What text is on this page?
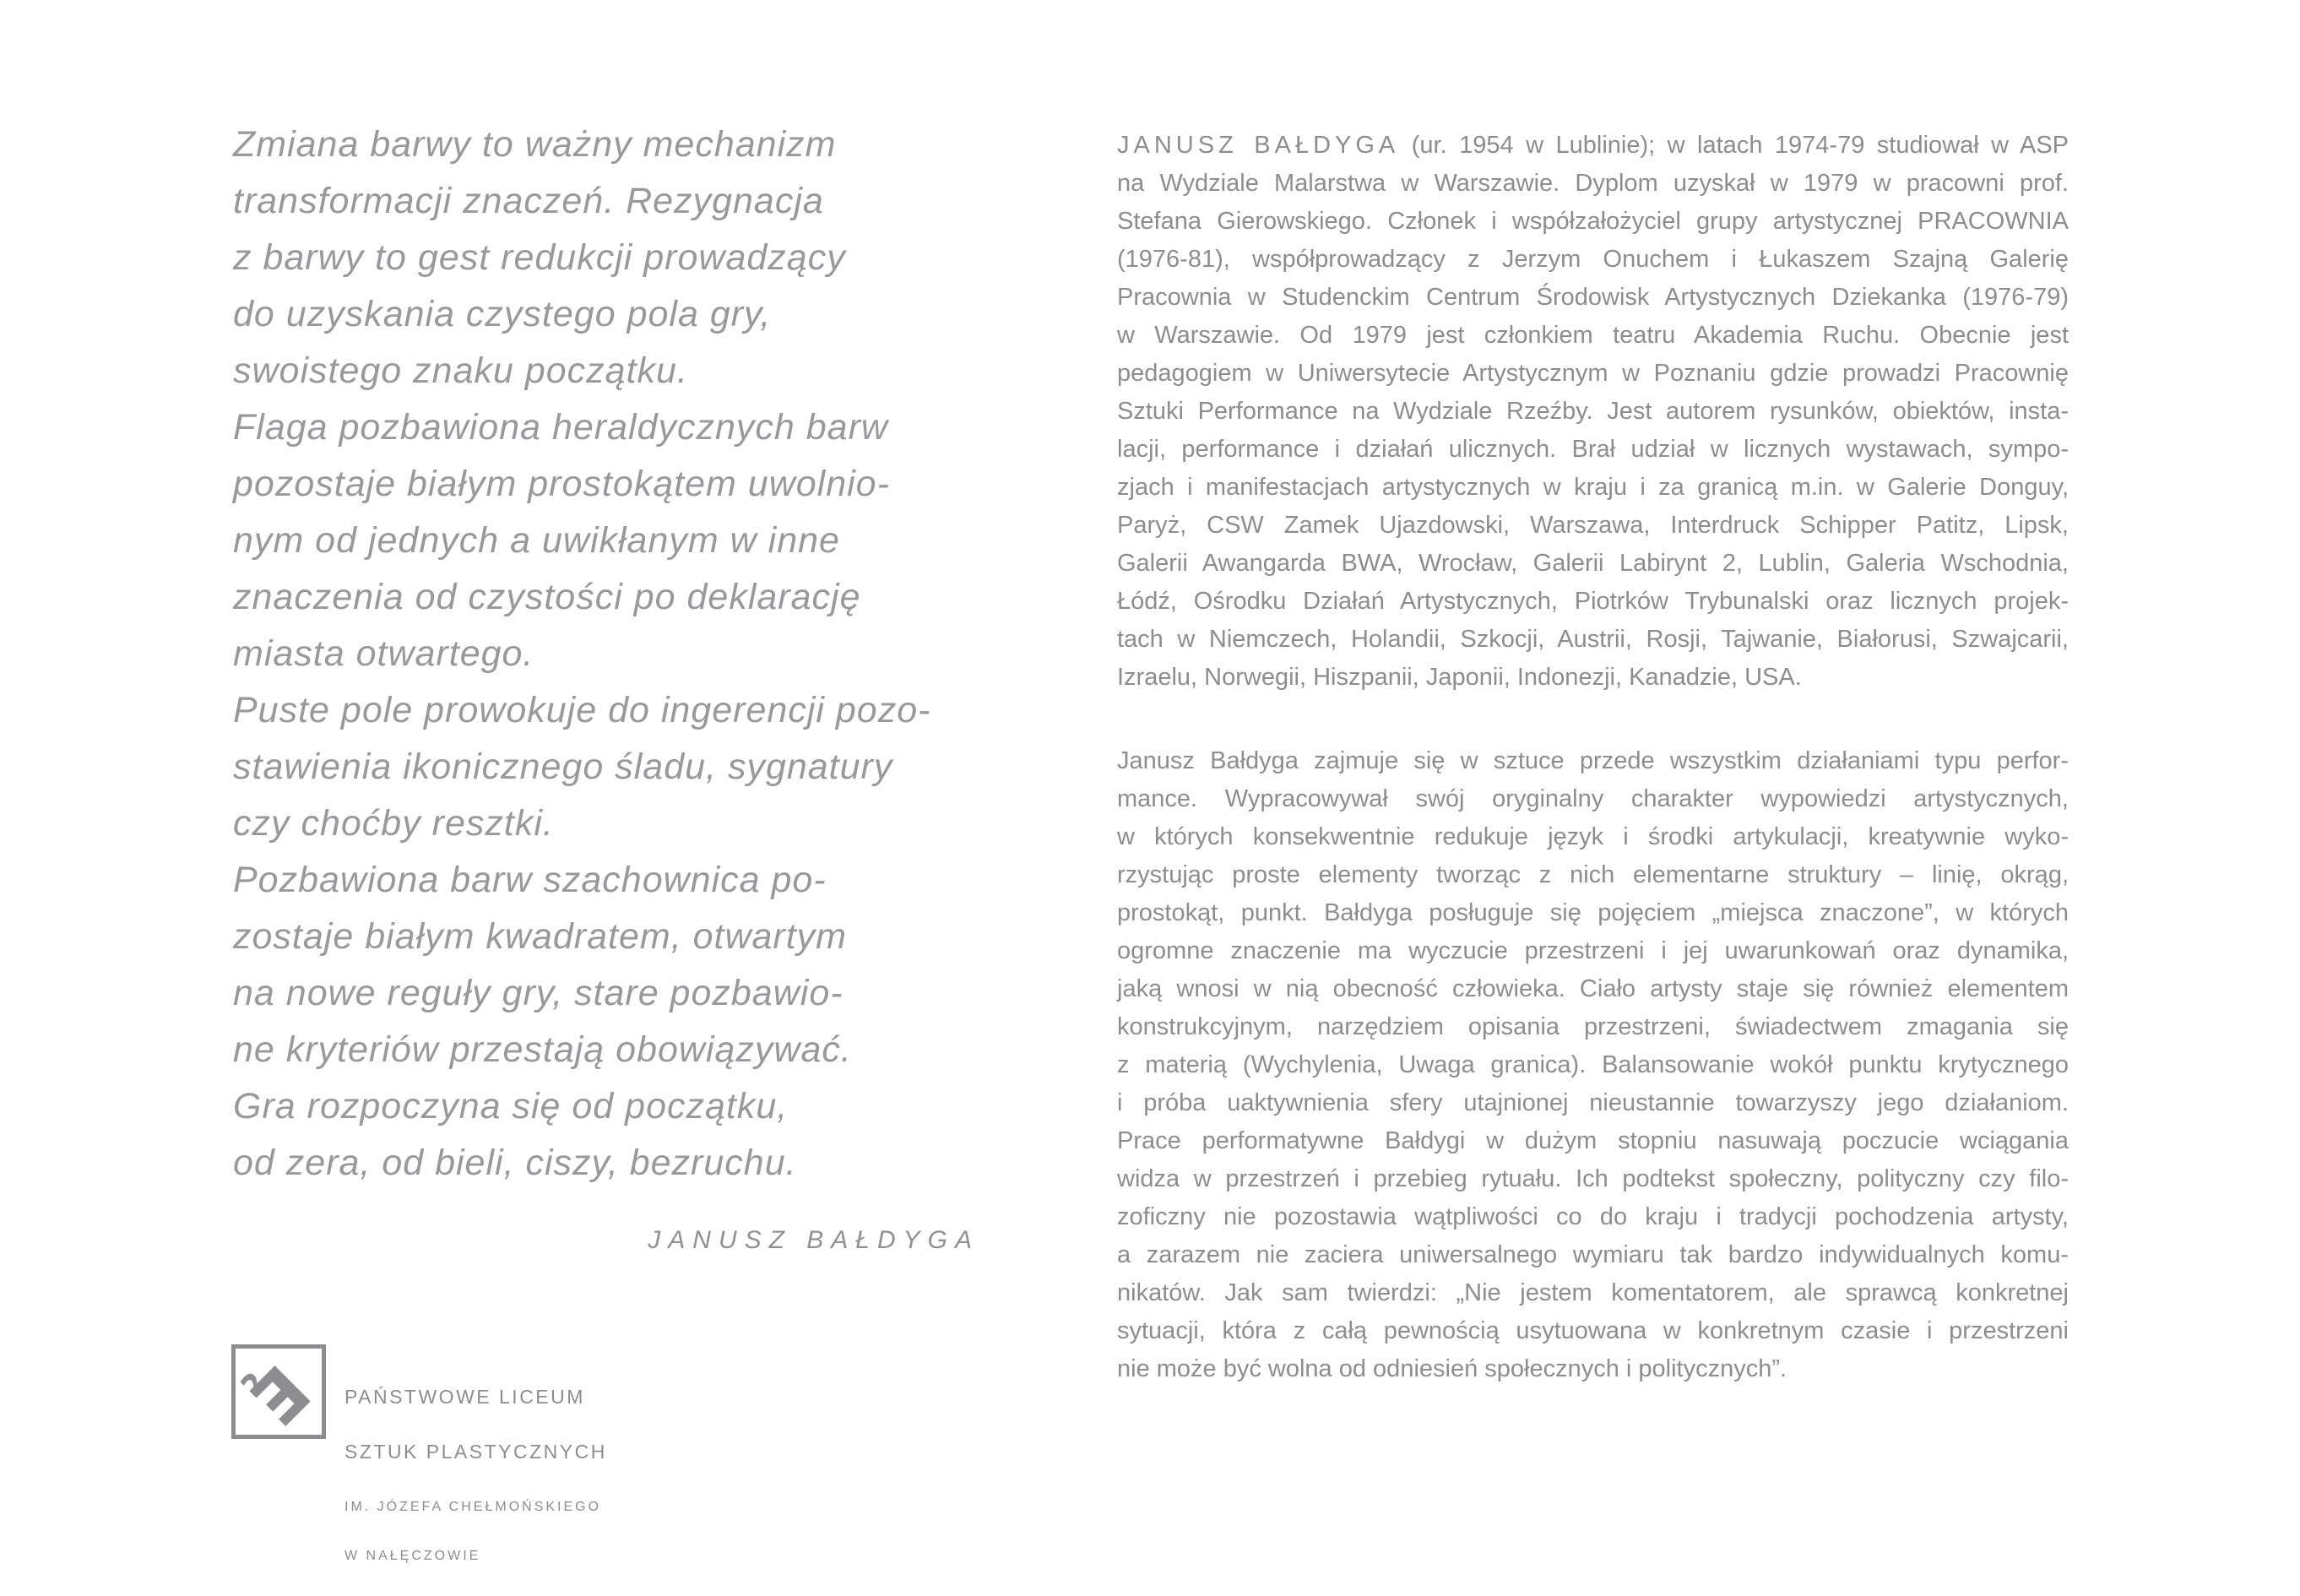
Zmiana barwy to ważny mechanizm
transformacji znaczeń. Rezygnacja
z barwy to gest redukcji prowadzący
do uzyskania czystego pola gry,
swoistego znaku początku.
Flaga pozbawiona heraldycznych barw
pozostaje białym prostokątem uwolnio-
nym od jednych a uwikłanym w inne
znaczenia od czystości po deklarację
miasta otwartego.
Puste pole prowokuje do ingerencji pozo-
stawienia ikonicznego śladu, sygnatury
czy choćby resztki.
Pozbawiona barw szachownica po-
zostaje białym kwadratem, otwartym
na nowe reguły gry, stare pozbawio-
ne kryteriów przestają obowiązywać.
Gra rozpoczyna się od początku,
od zera, od bieli, ciszy, bezruchu.
JANUSZ BAŁDYGA
Ę

PAŃSTWOWE LICEUM

SZTUK PLASTYCZNYCH

IM. JÓZEFA CHEŁMOŃSKIEGO

W NAŁĘCZOWIE

JANUSZ BAŁDYGA (ur. 1954 w Lublinie); w latach 1974-79 studiował w ASP
na Wydziale Malarstwa w Warszawie. Dyplom uzyskał w 1979 w pracowni prof.
Stefana Gierowskiego. Członek i współzałożyciel grupy artystycznej PRACOWNIA
(1976-81), współprowadzący z Jerzym Onuchem i Łukaszem Szajną Galerię
Pracownia w Studenckim Centrum Środowisk Artystycznych Dziekanka (1976-79)
w Warszawie. Od 1979 jest członkiem teatru Akademia Ruchu. Obecnie jest
pedagogiem w Uniwersytecie Artystycznym w Poznaniu gdzie prowadzi Pracownię
Sztuki Performance na Wydziale Rzeźby. Jest autorem rysunków, obiektów, insta-
lacji, performance i działań ulicznych. Brał udział w licznych wystawach, sympo-
zjach i manifestacjach artystycznych w kraju i za granicą m.in. w Galerie Donguy,
Paryż, CSW Zamek Ujazdowski, Warszawa, Interdruck Schipper Patitz, Lipsk,
Galerii Awangarda BWA, Wrocław, Galerii Labirynt 2, Lublin, Galeria Wschodnia,
Łódź, Ośrodku Działań Artystycznych, Piotrków Trybunalski oraz licznych projek-
tach w Niemczech, Holandii, Szkocji, Austrii, Rosji, Tajwanie, Białorusi, Szwajcarii,
Izraelu, Norwegii, Hiszpanii, Japonii, Indonezji, Kanadzie, USA.
Janusz Bałdyga zajmuje się w sztuce przede wszystkim działaniami typu perfor-
mance. Wypracowywał swój oryginalny charakter wypowiedzi artystycznych,
w których konsekwentnie redukuje język i środki artykulacji, kreatywnie wyko-
rzystując proste elementy tworząc z nich elementarne struktury – linię, okrąg,
prostokąt, punkt. Bałdyga posługuje się pojęciem „miejsca znaczone”, w których
ogromne znaczenie ma wyczucie przestrzeni i jej uwarunkowań oraz dynamika,
jaką wnosi w nią obecność człowieka. Ciało artysty staje się również elementem
konstrukcyjnym, narzędziem opisania przestrzeni, świadectwem zmagania się
z materią (Wychylenia, Uwaga granica). Balansowanie wokół punktu krytycznego
i próba uaktywnienia sfery utajnionej nieustannie towarzyszy jego działaniom.
Prace performatywne Bałdygi w dużym stopniu nasuwają poczucie wciągania
widza w przestrzeń i przebieg rytuału. Ich podtekst społeczny, polityczny czy filo-
zoficzny nie pozostawia wątpliwości co do kraju i tradycji pochodzenia artysty,
a zarazem nie zaciera uniwersalnego wymiaru tak bardzo indywidualnych komu-
nikatów. Jak sam twierdzi: „Nie jestem komentatorem, ale sprawcą konkretnej
sytuacji, która z całą pewnością usytuowana w konkretnym czasie i przestrzeni
nie może być wolna od odniesień społecznych i politycznych”.
